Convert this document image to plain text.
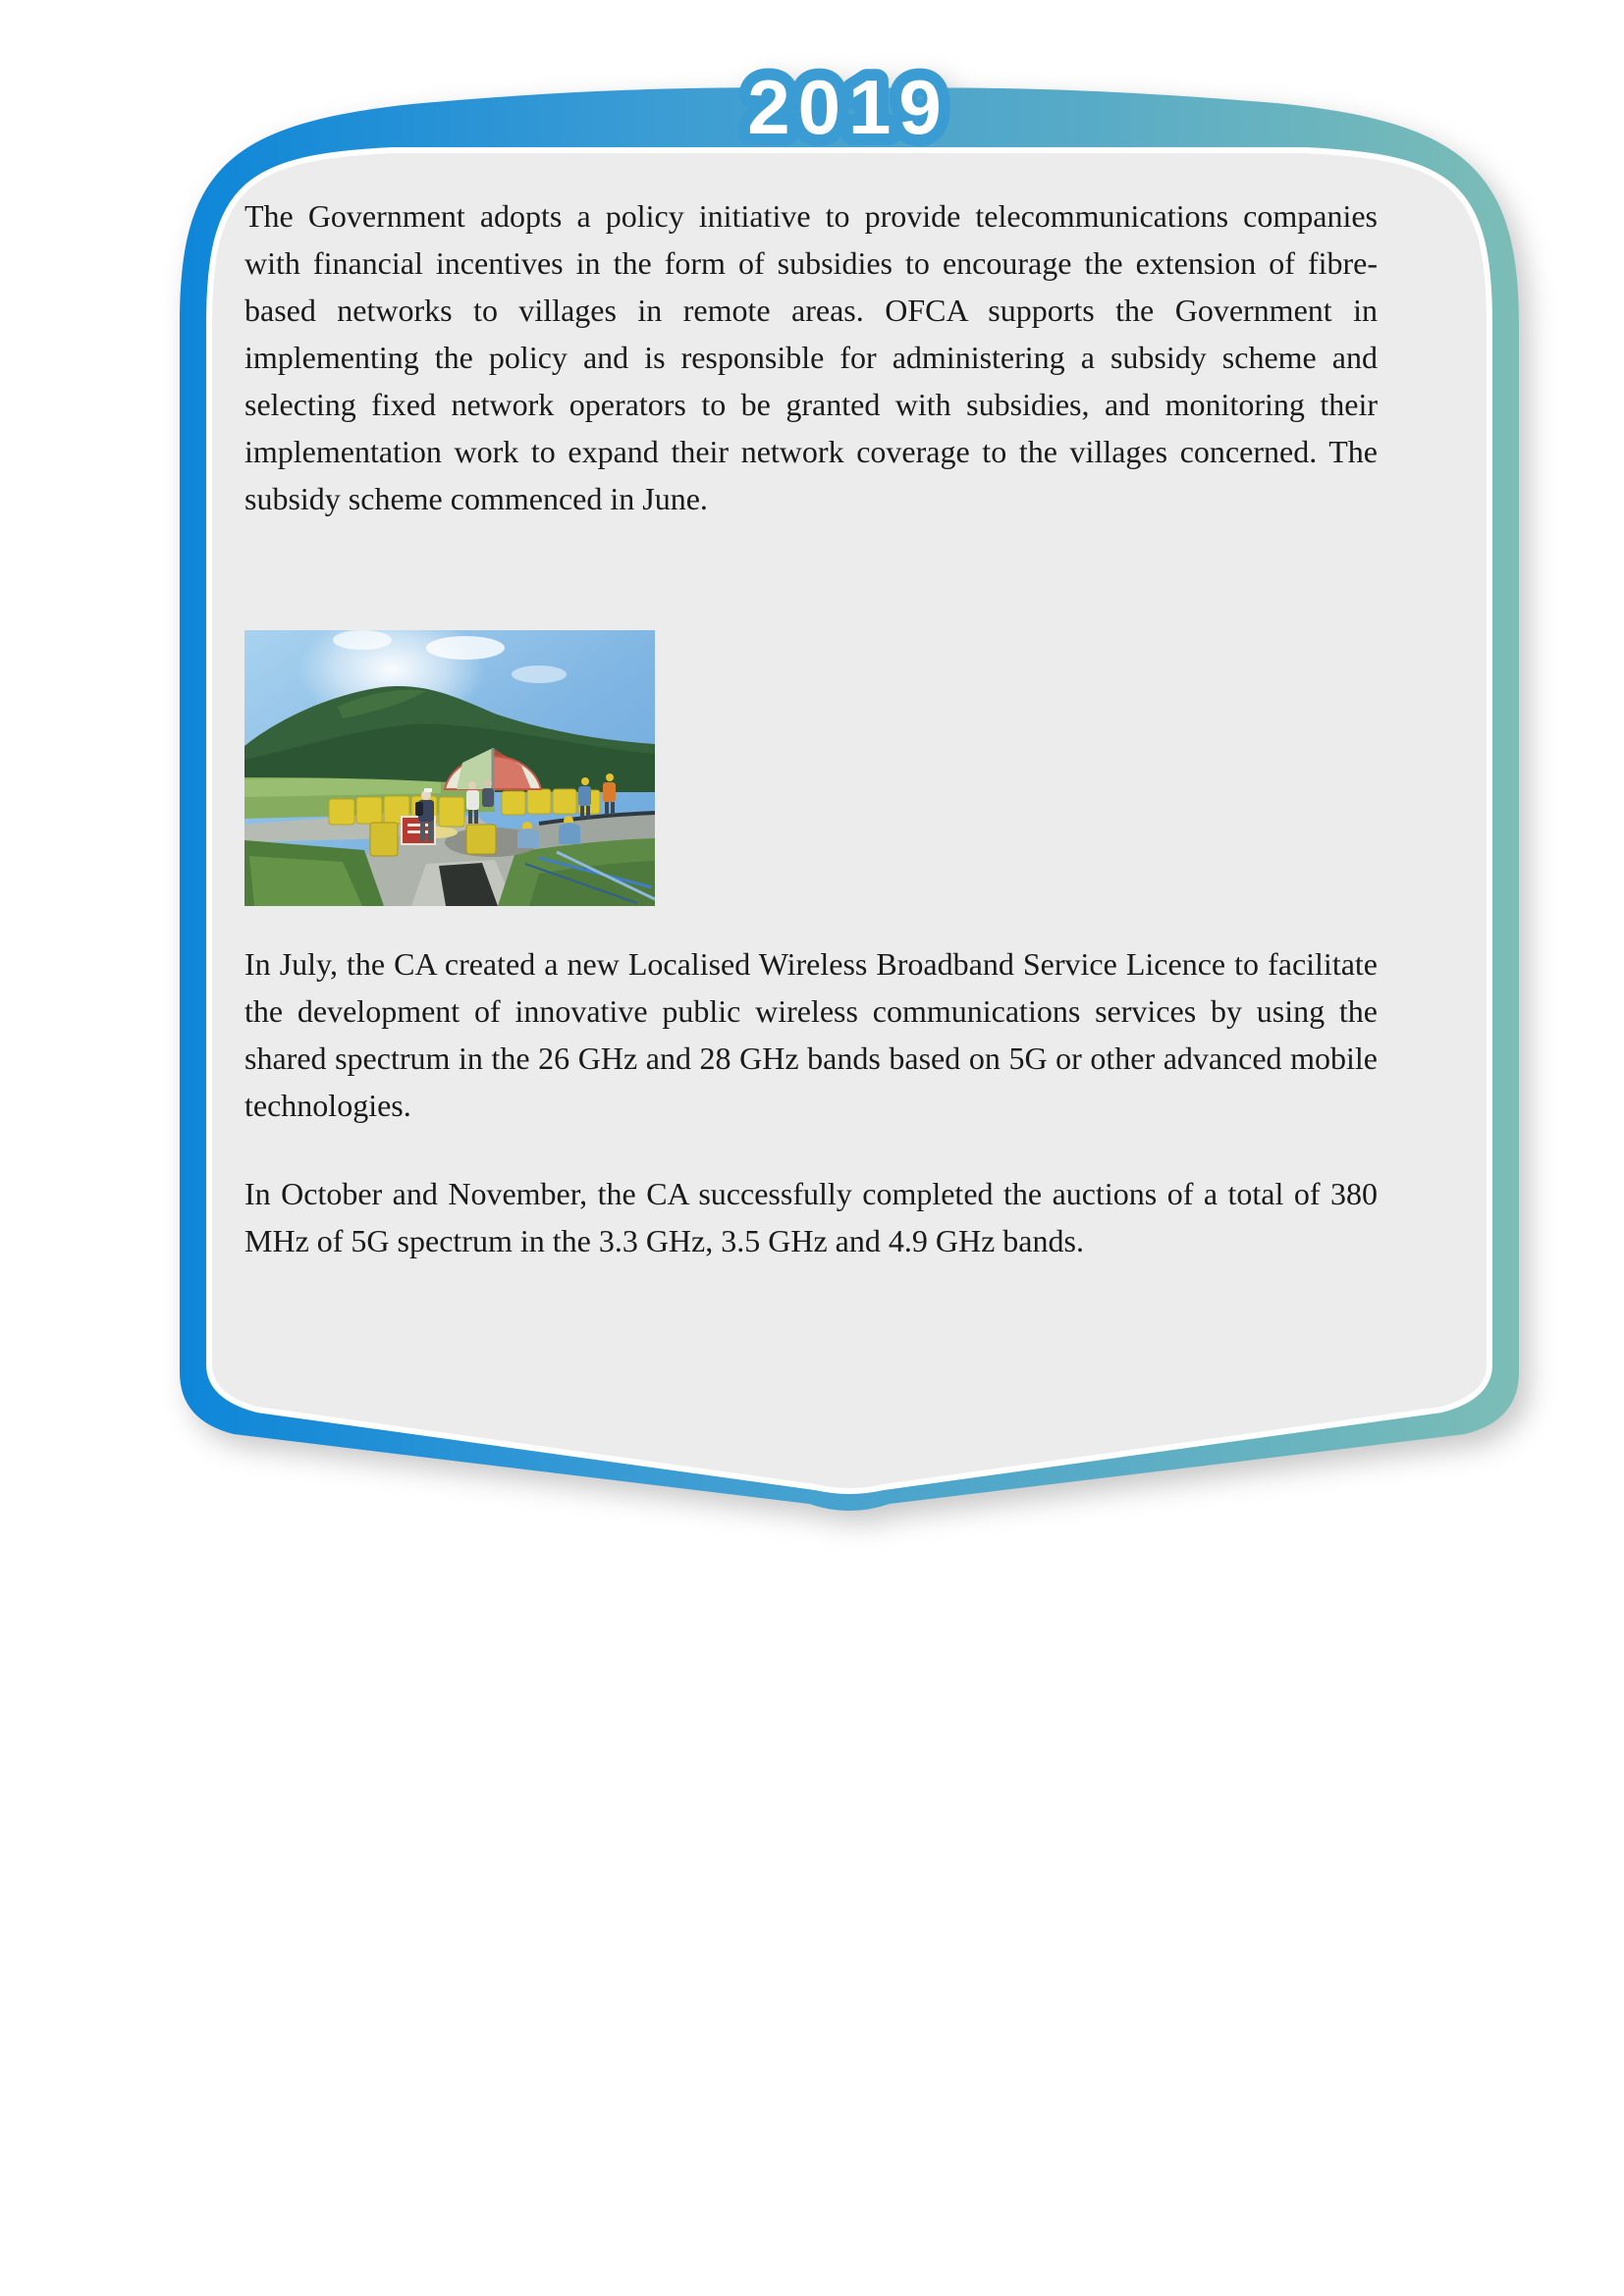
2019

The Government adopts a policy initiative to provide telecommunications companies with financial incentives in the form of subsidies to encourage the extension of fibre-based networks to villages in remote areas. OFCA supports the Government in implementing the policy and is responsible for administering a subsidy scheme and selecting fixed network operators to be granted with subsidies, and monitoring their implementation work to expand their network coverage to the villages concerned. The subsidy scheme commenced in June.

In July, the CA created a new Localised Wireless Broadband Service Licence to facilitate the development of innovative public wireless communications services by using the shared spectrum in the 26 GHz and 28 GHz bands based on 5G or other advanced mobile technologies.

In October and November, the CA successfully completed the auctions of a total of 380 MHz of 5G spectrum in the 3.3 GHz, 3.5 GHz and 4.9 GHz bands.
